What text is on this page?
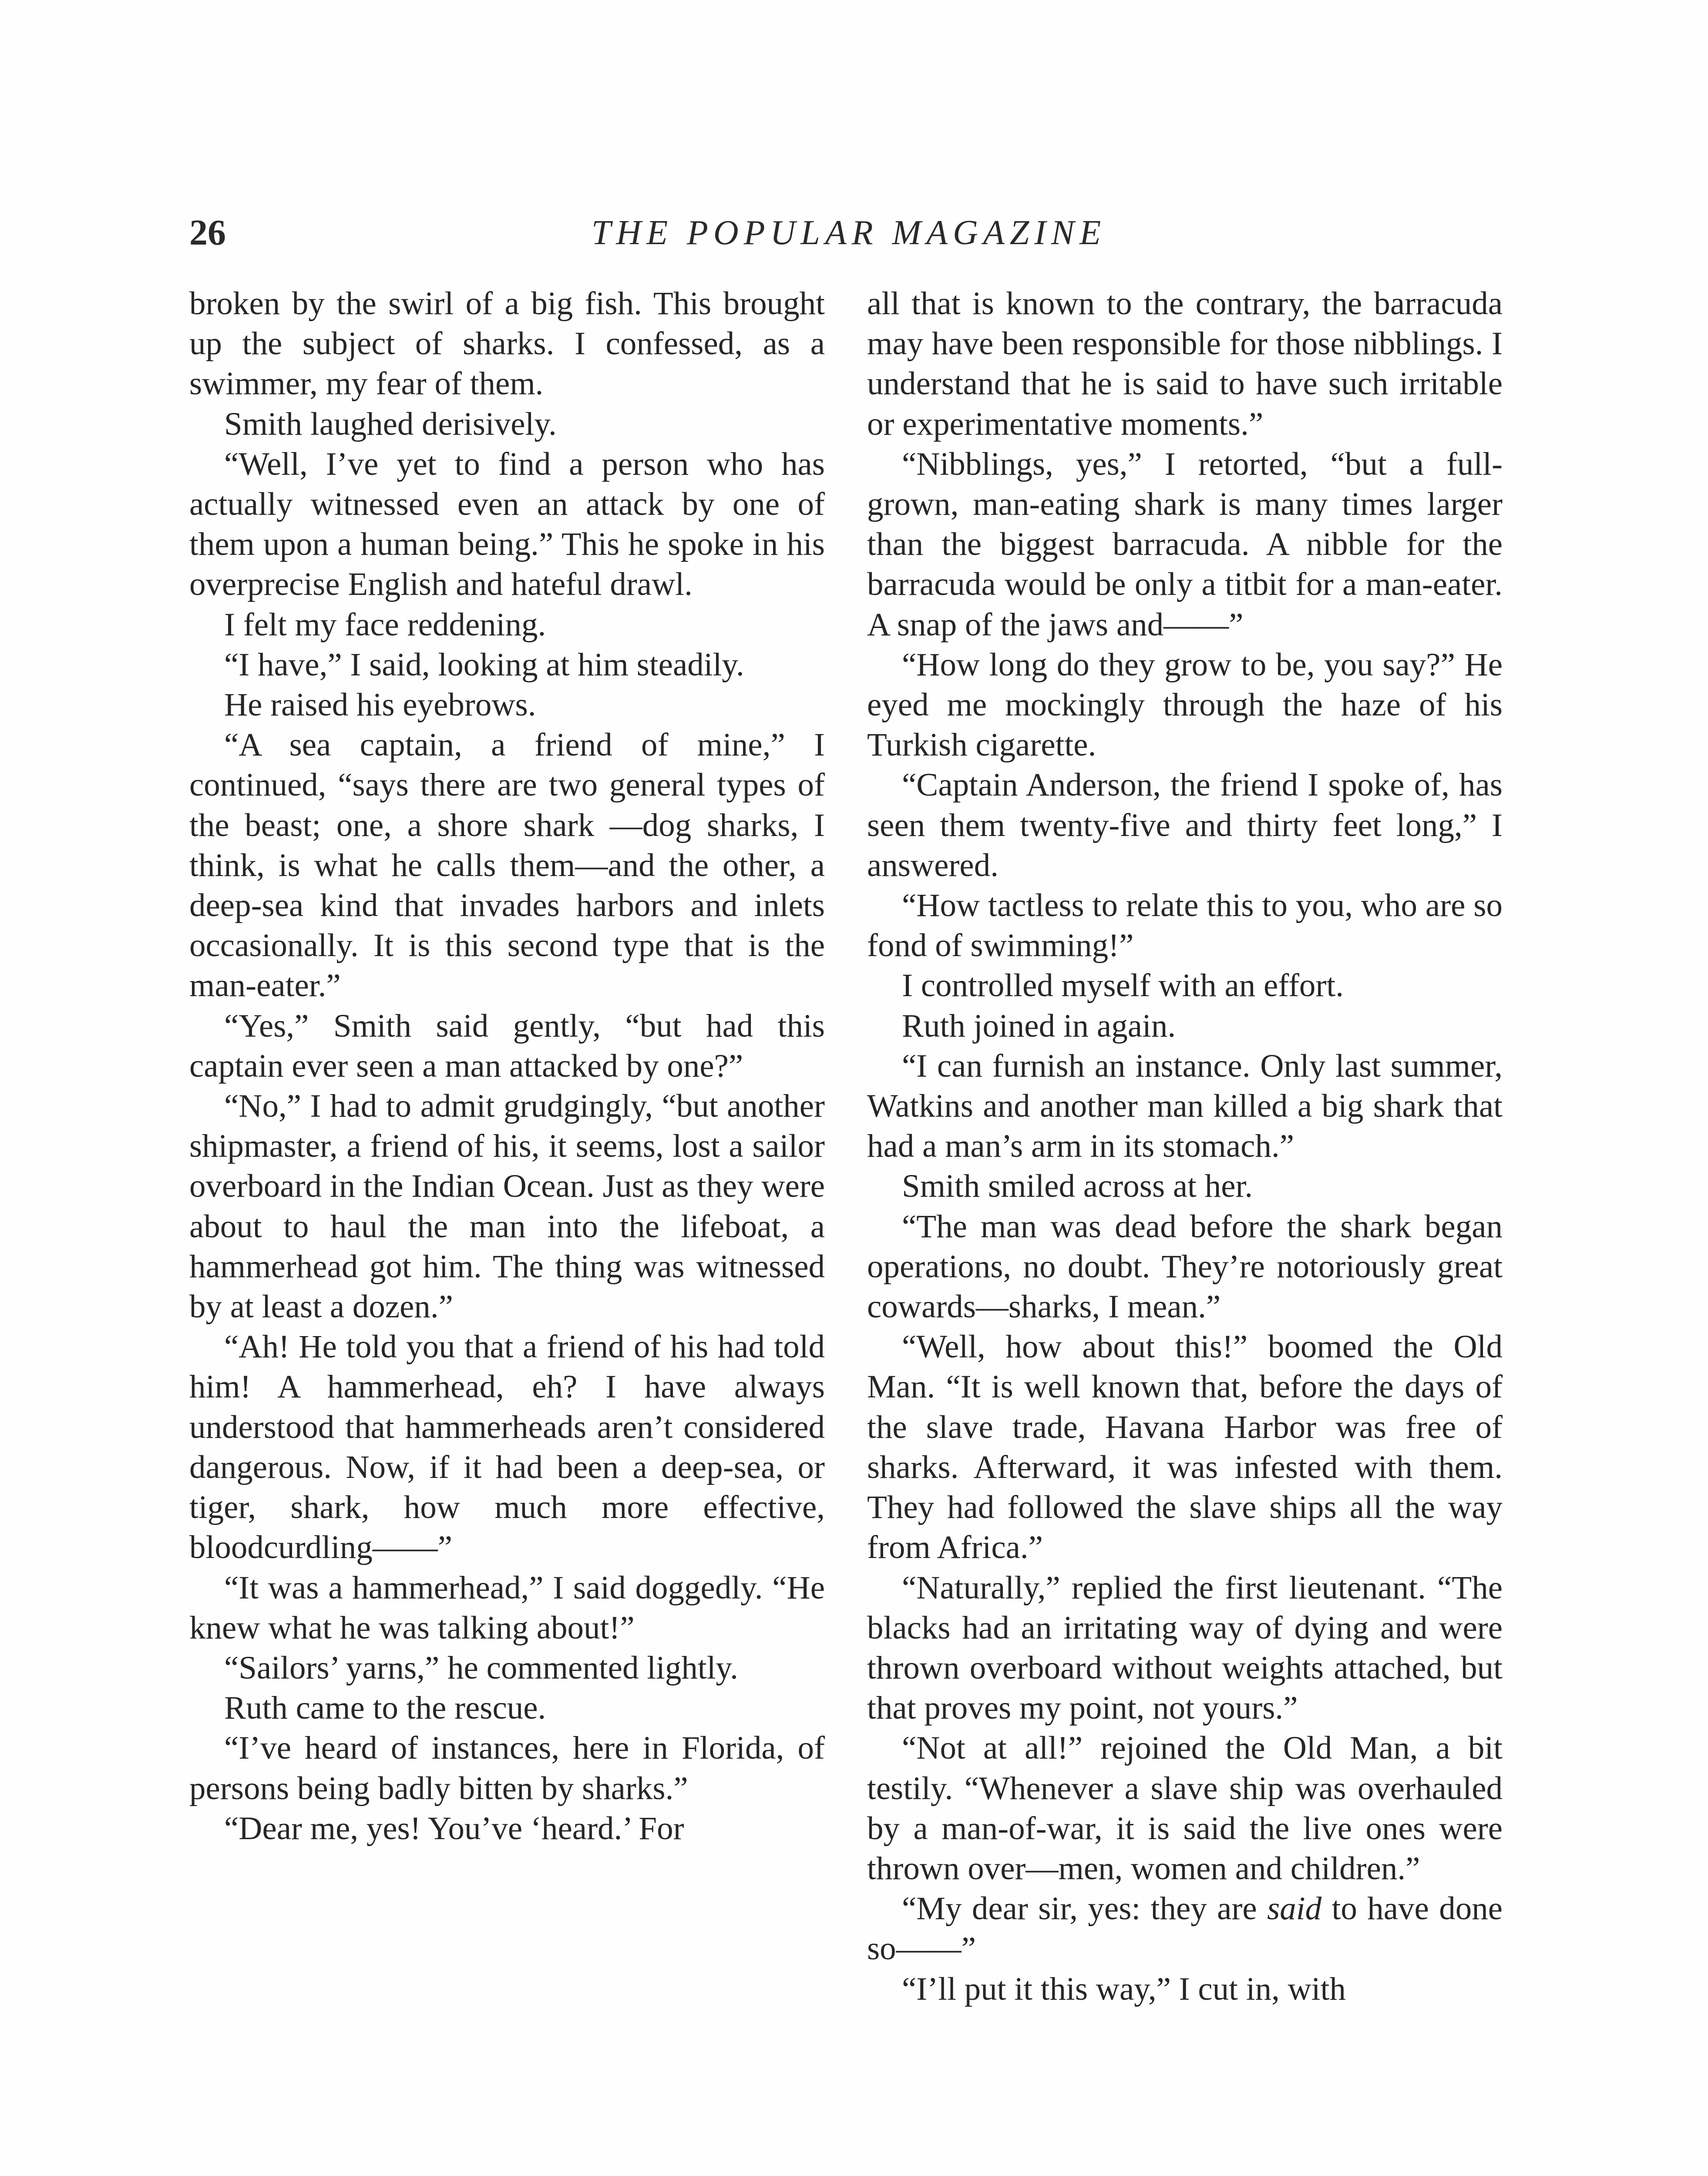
26	THE POPULAR MAGAZINE

broken by the swirl of a big fish. This brought up the subject of sharks. I confessed, as a swimmer, my fear of them.

Smith laughed derisively.

“Well, I’ve yet to find a person who has actually witnessed even an attack by one of them upon a human being.” This he spoke in his overprecise English and hateful drawl.

I felt my face reddening.

“I have,” I said, looking at him steadily.

He raised his eyebrows.

“A sea captain, a friend of mine,” I continued, “says there are two general types of the beast; one, a shore shark —dog sharks, I think, is what he calls them—and the other, a deep-sea kind that invades harbors and inlets occasionally. It is this second type that is the man-eater.”

“Yes,” Smith said gently, “but had this captain ever seen a man attacked by one?”

“No,” I had to admit grudgingly, “but another shipmaster, a friend of his, it seems, lost a sailor overboard in the Indian Ocean. Just as they were about to haul the man into the lifeboat, a hammerhead got him. The thing was witnessed by at least a dozen.”

“Ah! He told you that a friend of his had told him! A hammerhead, eh? I have always understood that hammerheads aren’t considered dangerous. Now, if it had been a deep-sea, or tiger, shark, how much more effective, bloodcurdling——”

“It was a hammerhead,” I said doggedly. “He knew what he was talking about!”

“Sailors’ yarns,” he commented lightly.

Ruth came to the rescue.

“I’ve heard of instances, here in Florida, of persons being badly bitten by sharks.”

“Dear me, yes! You’ve ‘heard.’ For

all that is known to the contrary, the barracuda may have been responsible for those nibblings. I understand that he is said to have such irritable or experimentative moments.”

“Nibblings, yes,” I retorted, “but a full-grown, man-eating shark is many times larger than the biggest barracuda. A nibble for the barracuda would be only a titbit for a man-eater. A snap of the jaws and——”

“How long do they grow to be, you say?” He eyed me mockingly through the haze of his Turkish cigarette.

“Captain Anderson, the friend I spoke of, has seen them twenty-five and thirty feet long,” I answered.

“How tactless to relate this to you, who are so fond of swimming!”

I controlled myself with an effort.

Ruth joined in again.

“I can furnish an instance. Only last summer, Watkins and another man killed a big shark that had a man’s arm in its stomach.”

Smith smiled across at her.

“The man was dead before the shark began operations, no doubt. They’re notoriously great cowards—sharks, I mean.”

“Well, how about this!” boomed the Old Man. “It is well known that, before the days of the slave trade, Havana Harbor was free of sharks. Afterward, it was infested with them. They had followed the slave ships all the way from Africa.”

“Naturally,” replied the first lieutenant. “The blacks had an irritating way of dying and were thrown overboard without weights attached, but that proves my point, not yours.”

“Not at all!” rejoined the Old Man, a bit testily. “Whenever a slave ship was overhauled by a man-of-war, it is said the live ones were thrown over—men, women and children.”

“My dear sir, yes: they are said to have done so——”

“I’ll put it this way,” I cut in, with
